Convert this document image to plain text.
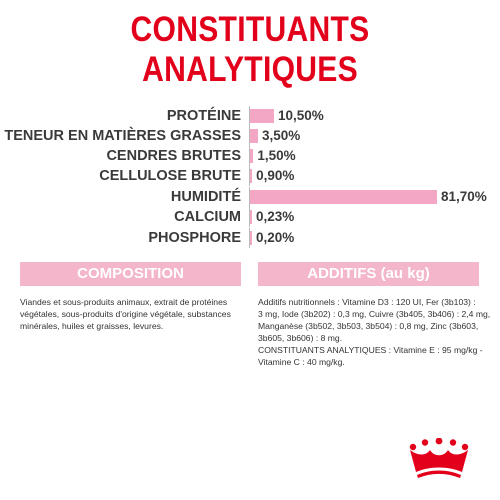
CONSTITUANTS ANALYTIQUES
PROTÉINE	10,50%
TENEUR EN MATIÈRES GRASSES 3,50%
CENDRES BRUTES 1,50%
CELLULOSE BRUTE 0,90%
HUMIDITÉ	81,70%
CALCIUM 0,23%
PHOSPHORE 0,20%
COMPOSITION	ADDITIFS (au kg)
Viandes et sous-produits animaux, extrait de protéines
végétales, sous-produits d'origine végétale, substances
minérales, huiles et graisses, levures.
Additifs nutritionnels : Vitamine D3 : 120 UI, Fer (3b103) :
3 mg, Iode (3b202) : 0,3 mg, Cuivre (3b405, 3b406) : 2,4 mg,
Manganèse (3b502, 3b503, 3b504) : 0,8 mg, Zinc (3b603,
3b605, 3b606) : 8 mg.
CONSTITUANTS ANALYTIQUES : Vitamine E : 95 mg/kg -
Vitamine C : 40 mg/kg.
